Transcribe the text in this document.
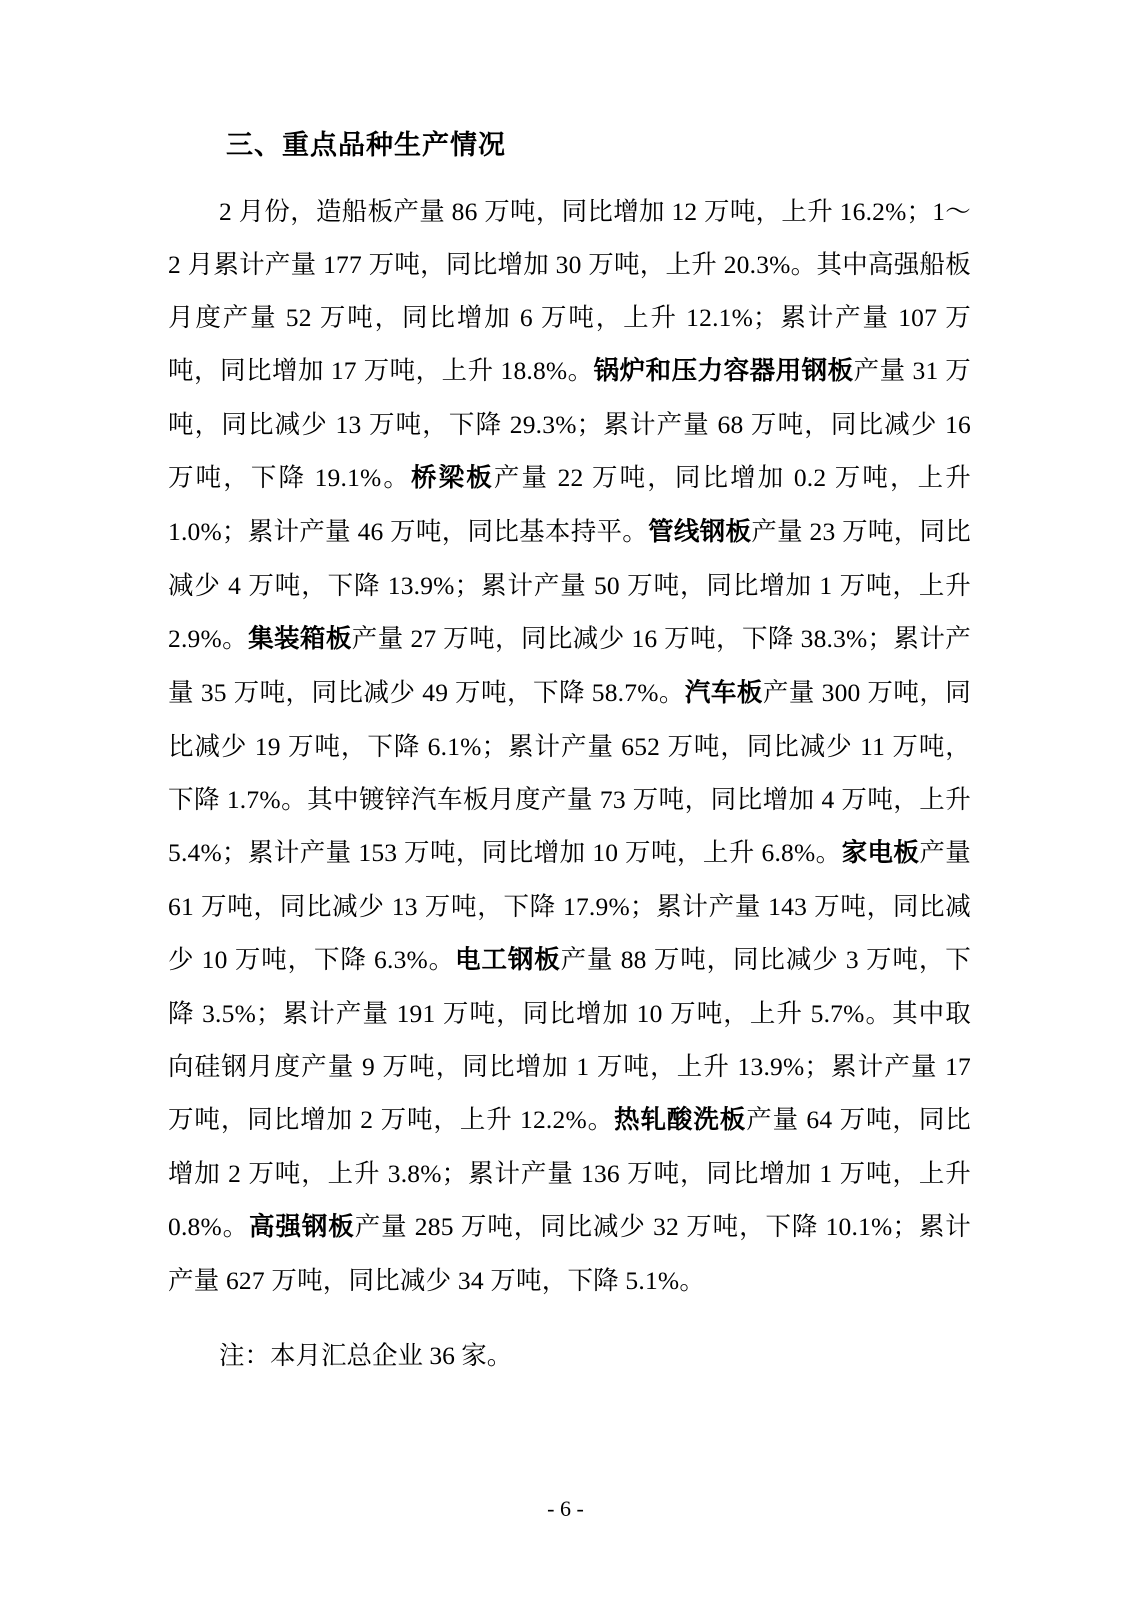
三、重点品种生产情况

2 月份，造船板产量 86 万吨，同比增加 12 万吨，上升 16.2%；1～2 月累计产量 177 万吨，同比增加 30 万吨，上升 20.3%。其中高强船板月度产量 52 万吨，同比增加 6 万吨，上升 12.1%；累计产量 107 万吨，同比增加 17 万吨，上升 18.8%。锅炉和压力容器用钢板产量 31 万吨，同比减少 13 万吨，下降 29.3%；累计产量 68 万吨，同比减少 16 万吨，下降 19.1%。桥梁板产量 22 万吨，同比增加 0.2 万吨，上升 1.0%；累计产量 46 万吨，同比基本持平。管线钢板产量 23 万吨，同比减少 4 万吨，下降 13.9%；累计产量 50 万吨，同比增加 1 万吨，上升 2.9%。集装箱板产量 27 万吨，同比减少 16 万吨，下降 38.3%；累计产量 35 万吨，同比减少 49 万吨，下降 58.7%。汽车板产量 300 万吨，同比减少 19 万吨，下降 6.1%；累计产量 652 万吨，同比减少 11 万吨，下降 1.7%。其中镀锌汽车板月度产量 73 万吨，同比增加 4 万吨，上升 5.4%；累计产量 153 万吨，同比增加 10 万吨，上升 6.8%。家电板产量 61 万吨，同比减少 13 万吨，下降 17.9%；累计产量 143 万吨，同比减少 10 万吨，下降 6.3%。电工钢板产量 88 万吨，同比减少 3 万吨，下降 3.5%；累计产量 191 万吨，同比增加 10 万吨，上升 5.7%。其中取向硅钢月度产量 9 万吨，同比增加 1 万吨，上升 13.9%；累计产量 17 万吨，同比增加 2 万吨，上升 12.2%。热轧酸洗板产量 64 万吨，同比增加 2 万吨，上升 3.8%；累计产量 136 万吨，同比增加 1 万吨，上升 0.8%。高强钢板产量 285 万吨，同比减少 32 万吨，下降 10.1%；累计产量 627 万吨，同比减少 34 万吨，下降 5.1%。

注：本月汇总企业 36 家。

- 6 -
